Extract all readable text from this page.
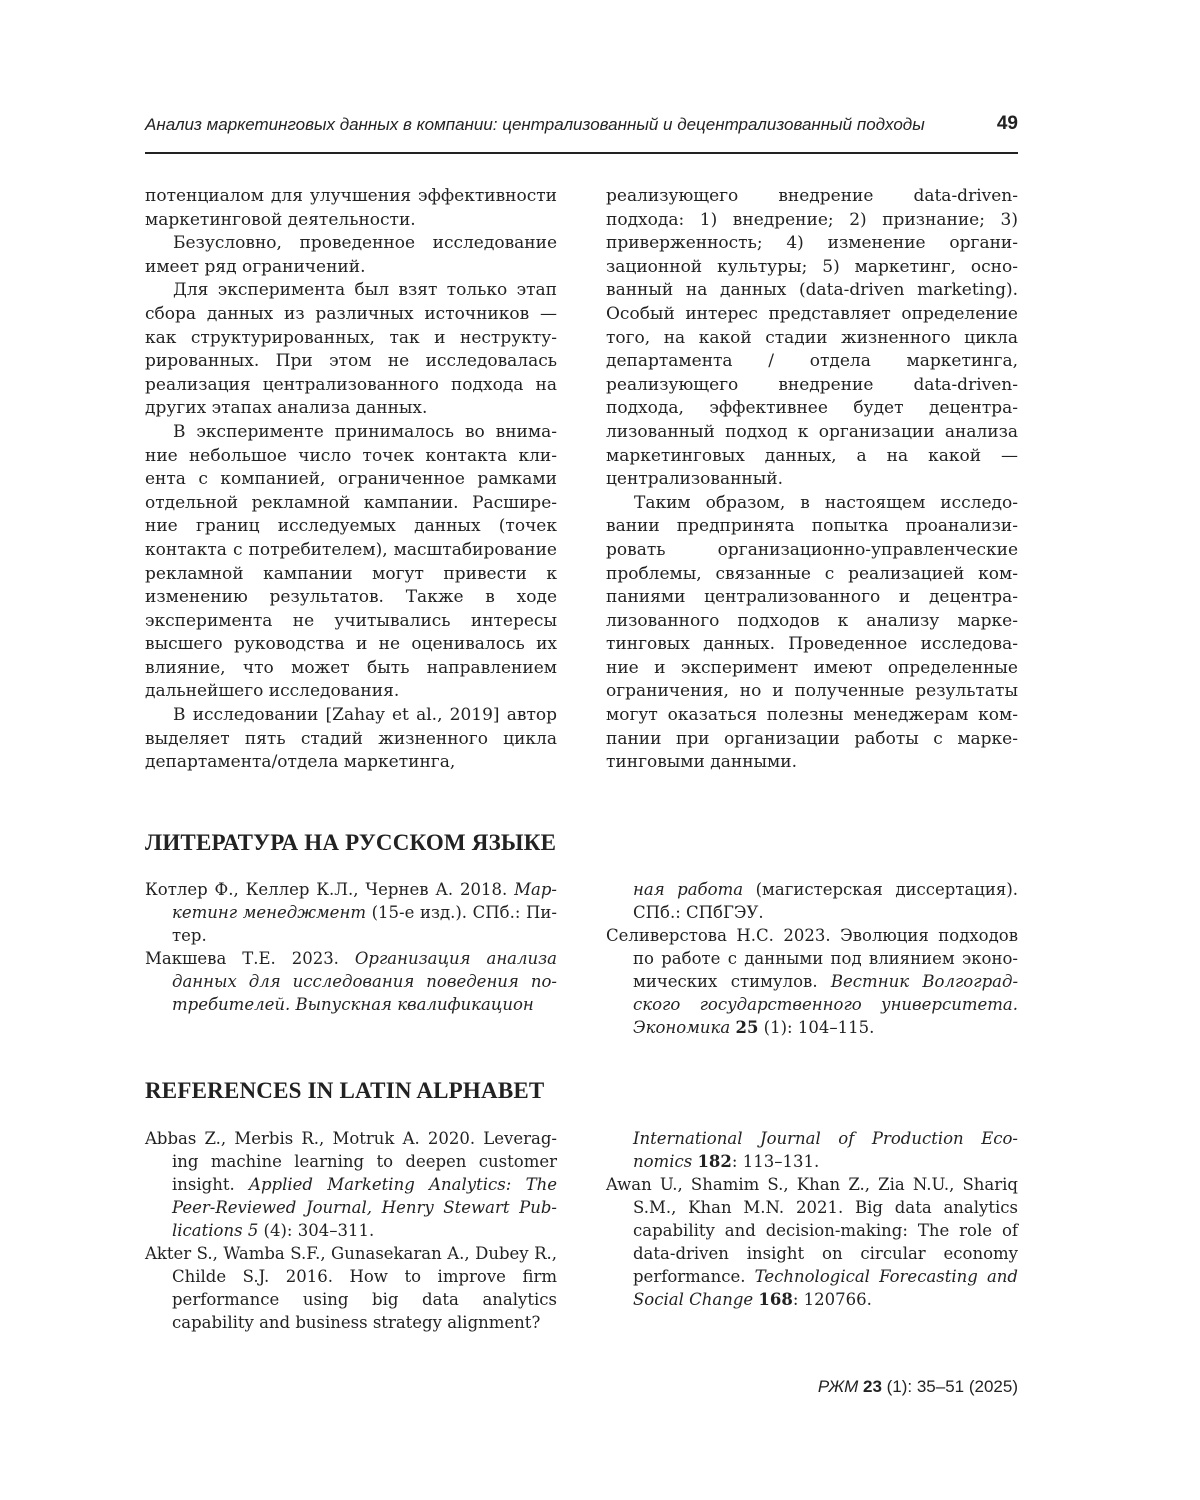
Анализ маркетинговых данных в компании: централизованный и децентрализованный подходы	49

потенциалом для улучшения эффективности маркетинговой деятельности.

Безусловно, проведенное исследование имеет ряд ограничений.

Для эксперимента был взят только этап сбора данных из различных источников — как структурированных, так и неструктурированных. При этом не исследовалась реализация централизованного подхода на других этапах анализа данных.

В эксперименте принималось во внимание небольшое число точек контакта клиента с компанией, ограниченное рамками отдельной рекламной кампании. Расширение границ исследуемых данных (точек контакта с потребителем), масштабирование рекламной кампании могут привести к изменению результатов. Также в ходе эксперимента не учитывались интересы высшего руководства и не оценивалось их влияние, что может быть направлением дальнейшего исследования.

В исследовании [Zahay et al., 2019] автор выделяет пять стадий жизненного цикла департамента/отдела маркетинга,

реализующего внедрение data-driven-подхода: 1) внедрение; 2) признание; 3) приверженность; 4) изменение организационной культуры; 5) маркетинг, основанный на данных (data-driven marketing). Особый интерес представляет определение того, на какой стадии жизненного цикла департамента / отдела маркетинга, реализующего внедрение data-driven-подхода, эффективнее будет децентрализованный подход к организации анализа маркетинговых данных, а на какой — централизованный.

Таким образом, в настоящем исследовании предпринята попытка проанализировать организационно-управленческие проблемы, связанные с реализацией компаниями централизованного и децентрализованного подходов к анализу маркетинговых данных. Проведенное исследование и эксперимент имеют определенные ограничения, но и полученные результаты могут оказаться полезны менеджерам компании при организации работы с маркетинговыми данными.

ЛИТЕРАТУРА НА РУССКОМ ЯЗЫКЕ

Котлер Ф., Келлер К.Л., Чернев А. 2018. Маркетинг менеджмент (15-е изд.). СПб.: Питер.

Макшева Т.Е. 2023. Организация анализа данных для исследования поведения потребителей. Выпускная квалификацион

ная работа (магистерская диссертация). СПб.: СПбГЭУ.

Селиверстова Н.С. 2023. Эволюция подходов по работе с данными под влиянием экономических стимулов. Вестник Волгоградского государственного университета. Экономика 25 (1): 104–115.

REFERENCES IN LATIN ALPHABET

Abbas Z., Merbis R., Motruk A. 2020. Leveraging machine learning to deepen customer insight. Applied Marketing Analytics: The Peer-Reviewed Journal, Henry Stewart Publications 5 (4): 304–311.

Akter S., Wamba S.F., Gunasekaran A., Dubey R., Childe S.J. 2016. How to improve firm performance using big data analytics capability and business strategy alignment?

International Journal of Production Economics 182: 113–131.

Awan U., Shamim S., Khan Z., Zia N.U., Shariq S.M., Khan M.N. 2021. Big data analytics capability and decision-making: The role of data-driven insight on circular economy performance. Technological Forecasting and Social Change 168: 120766.

РЖМ 23 (1): 35–51 (2025)
